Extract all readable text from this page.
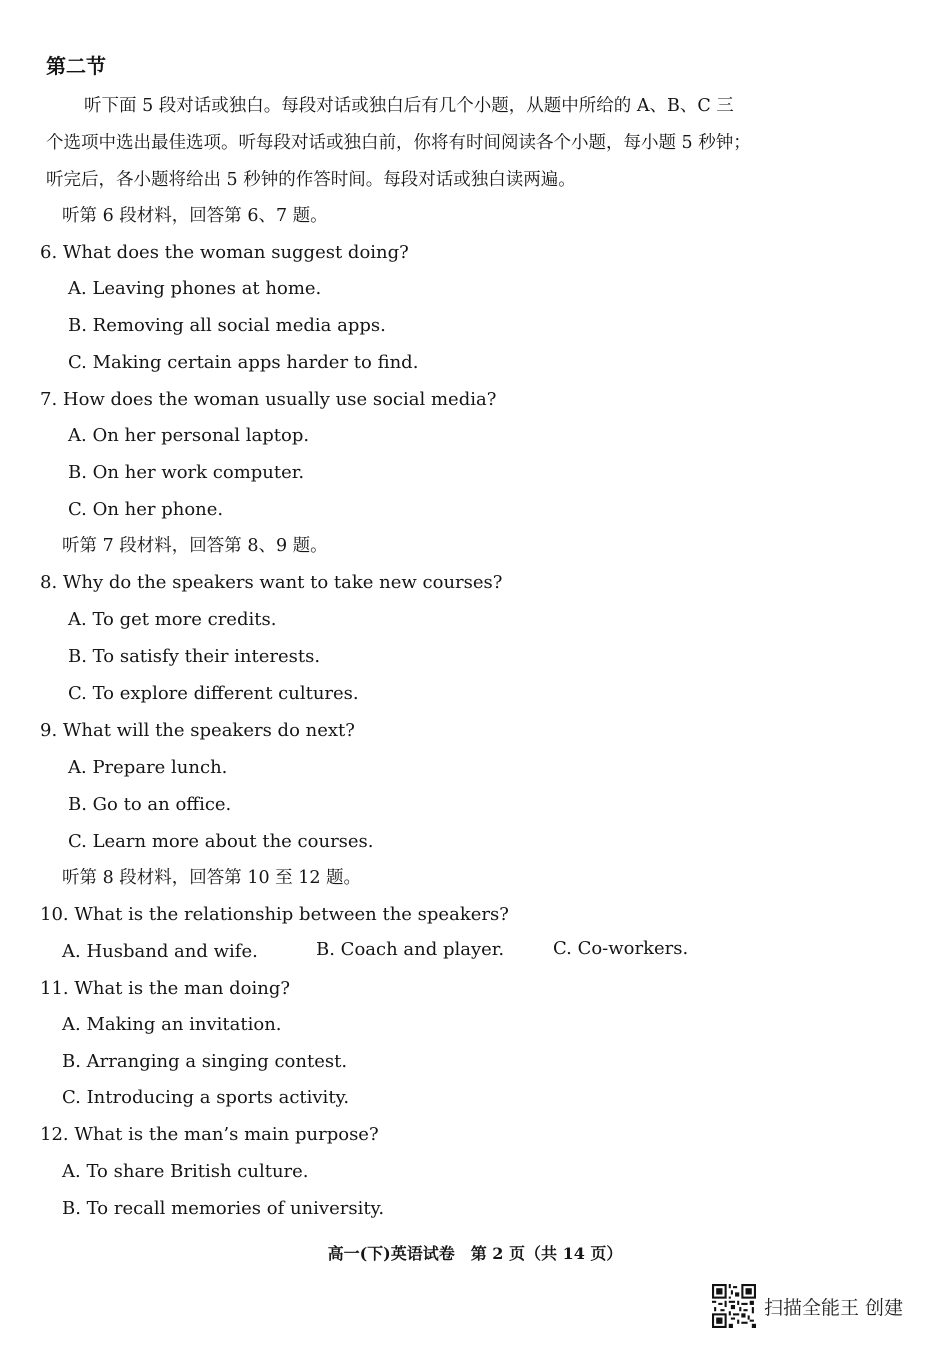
第二节
听下面 5 段对话或独白。每段对话或独白后有几个小题，从题中所给的 A、B、C 三
个选项中选出最佳选项。听每段对话或独白前，你将有时间阅读各个小题，每小题 5 秒钟；
听完后，各小题将给出 5 秒钟的作答时间。每段对话或独白读两遍。
听第 6 段材料，回答第 6、7 题。
6. What does the woman suggest doing?
A. Leaving phones at home.
B. Removing all social media apps.
C. Making certain apps harder to find.
7. How does the woman usually use social media?
A. On her personal laptop.
B. On her work computer.
C. On her phone.
听第 7 段材料，回答第 8、9 题。
8. Why do the speakers want to take new courses?
A. To get more credits.
B. To satisfy their interests.
C. To explore different cultures.
9. What will the speakers do next?
A. Prepare lunch.
B. Go to an office.
C. Learn more about the courses.
听第 8 段材料，回答第 10 至 12 题。
10. What is the relationship between the speakers?
A. Husband and wife.	B. Coach and player.	C. Co-workers.
11. What is the man doing?
A. Making an invitation.
B. Arranging a singing contest.
C. Introducing a sports activity.
12. What is the man’s main purpose?
A. To share British culture.
B. To recall memories of university.
高一(下)英语试卷　第 2 页（共 14 页）
扫描全能王 创建
